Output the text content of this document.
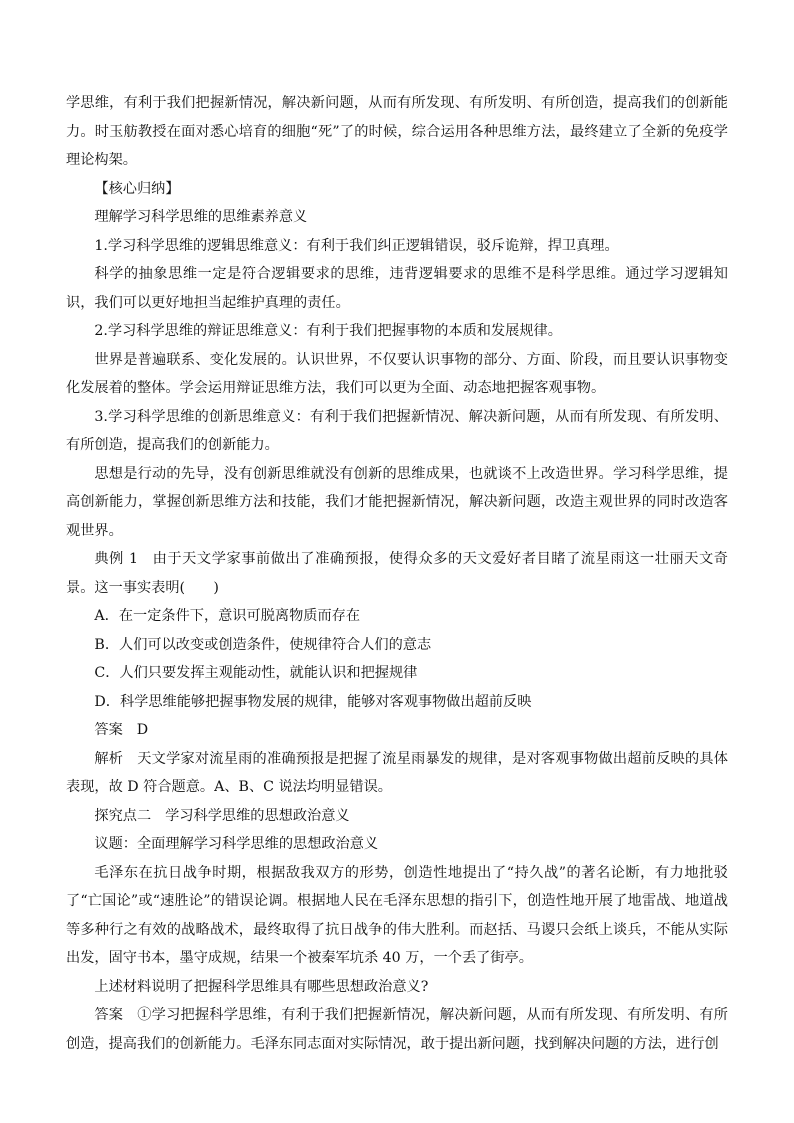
学思维，有利于我们把握新情况，解决新问题，从而有所发现、有所发明、有所创造，提高我们的创新能力。时玉舫教授在面对悉心培育的细胞“死”了的时候，综合运用各种思维方法，最终建立了全新的免疫学理论构架。

【核心归纳】

理解学习科学思维的思维素养意义

1.学习科学思维的逻辑思维意义：有利于我们纠正逻辑错误，驳斥诡辩，捍卫真理。

科学的抽象思维一定是符合逻辑要求的思维，违背逻辑要求的思维不是科学思维。通过学习逻辑知识，我们可以更好地担当起维护真理的责任。

2.学习科学思维的辩证思维意义：有利于我们把握事物的本质和发展规律。

世界是普遍联系、变化发展的。认识世界，不仅要认识事物的部分、方面、阶段，而且要认识事物变化发展着的整体。学会运用辩证思维方法，我们可以更为全面、动态地把握客观事物。

3.学习科学思维的创新思维意义：有利于我们把握新情况、解决新问题，从而有所发现、有所发明、有所创造，提高我们的创新能力。

思想是行动的先导，没有创新思维就没有创新的思维成果，也就谈不上改造世界。学习科学思维，提高创新能力，掌握创新思维方法和技能，我们才能把握新情况，解决新问题，改造主观世界的同时改造客观世界。

典例 1 由于天文学家事前做出了准确预报，使得众多的天文爱好者目睹了流星雨这一壮丽天文奇景。这一事实表明(　　)

A．在一定条件下，意识可脱离物质而存在

B．人们可以改变或创造条件，使规律符合人们的意志

C．人们只要发挥主观能动性，就能认识和把握规律

D．科学思维能够把握事物发展的规律，能够对客观事物做出超前反映

答案 D

解析 天文学家对流星雨的准确预报是把握了流星雨暴发的规律，是对客观事物做出超前反映的具体表现，故 D 符合题意。A、B、C 说法均明显错误。

探究点二 学习科学思维的思想政治意义

议题：全面理解学习科学思维的思想政治意义

毛泽东在抗日战争时期，根据敌我双方的形势，创造性地提出了“持久战”的著名论断，有力地批驳了“亡国论”或“速胜论”的错误论调。根据地人民在毛泽东思想的指引下，创造性地开展了地雷战、地道战等多种行之有效的战略战术，最终取得了抗日战争的伟大胜利。而赵括、马谡只会纸上谈兵，不能从实际出发，固守书本，墨守成规，结果一个被秦军坑杀 40 万，一个丢了街亭。

上述材料说明了把握科学思维具有哪些思想政治意义?

答案 ①学习把握科学思维，有利于我们把握新情况，解决新问题，从而有所发现、有所发明、有所创造，提高我们的创新能力。毛泽东同志面对实际情况，敢于提出新问题，找到解决问题的方法，进行创
